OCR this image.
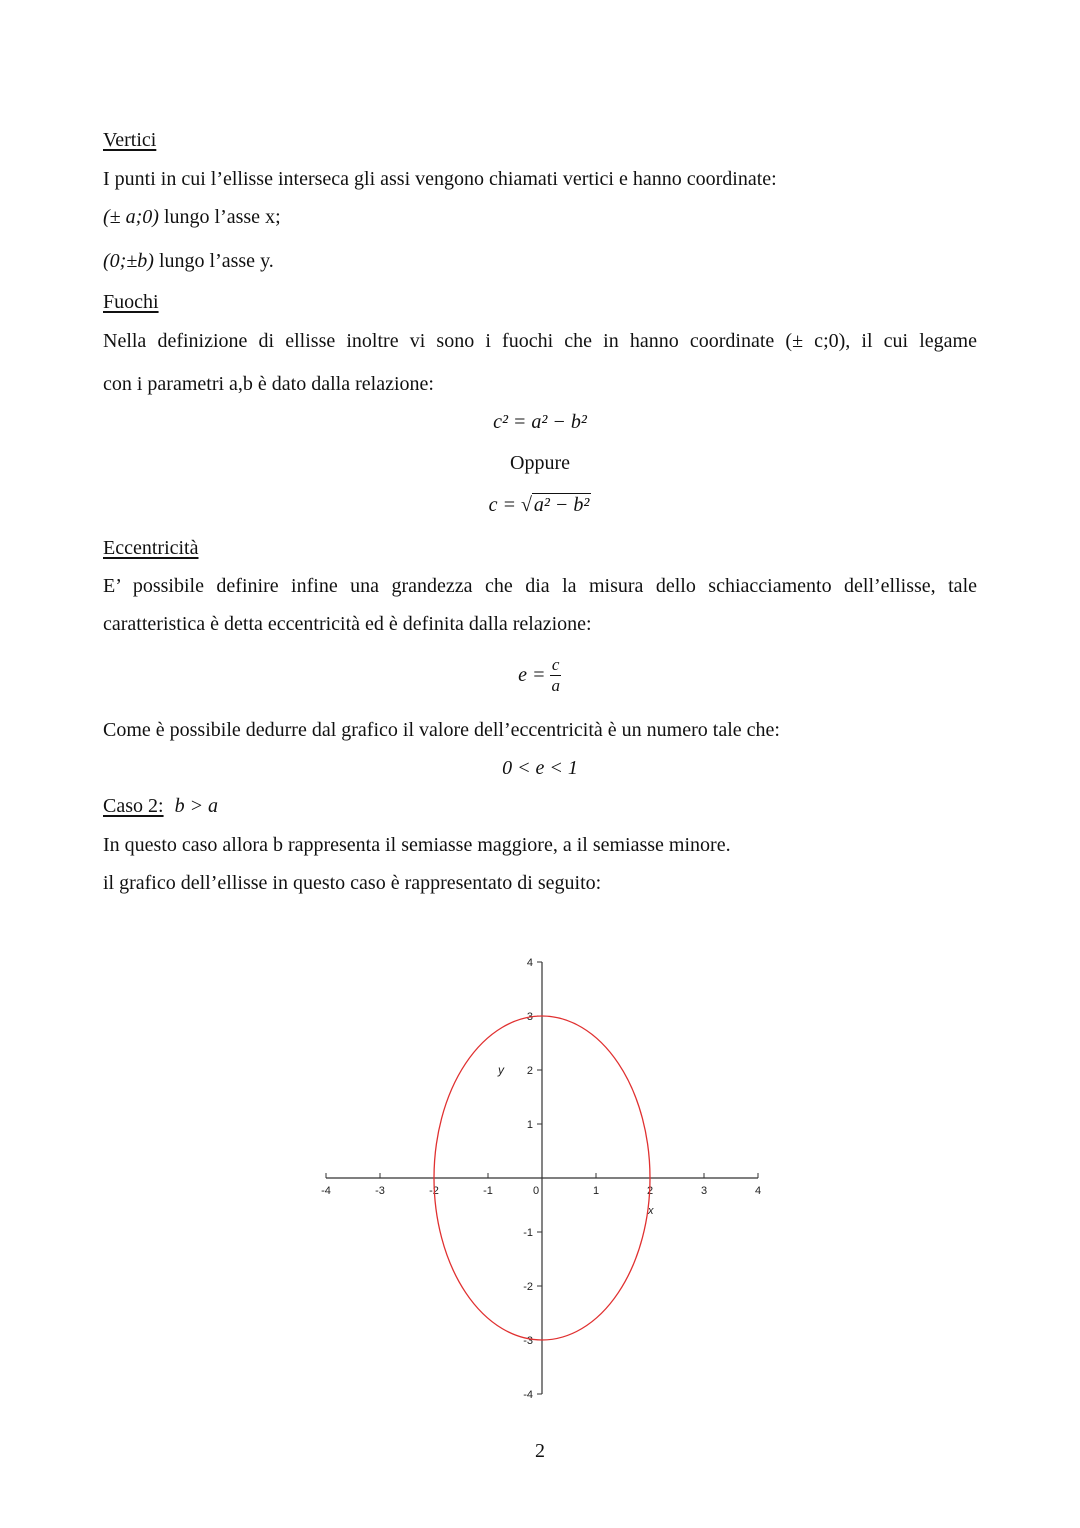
Vertici
I punti in cui l’ellisse interseca gli assi vengono chiamati vertici e hanno coordinate:
(± a;0) lungo l’asse x;
(0;±b) lungo l’asse y.
Fuochi
Nella definizione di ellisse inoltre vi sono i fuochi che in hanno coordinate (± c;0), il cui legame
con i parametri a,b è dato dalla relazione:
c² = a² − b²
Oppure
c = √ a² − b²
Eccentricità
E’ possibile definire infine una grandezza che dia la misura dello schiacciamento dell’ellisse, tale
caratteristica è detta eccentricità ed è definita dalla relazione:
$e = \frac{c}{a}$
Come è possibile dedurre dal grafico il valore dell’eccentricità è un numero tale che:
0 < e < 1
Caso 2: b > a
In questo caso allora b rappresenta il semiasse maggiore, a il semiasse minore.
il grafico dell’ellisse in questo caso è rappresentato di seguito:
-4	-3	-2	-1	0	1	2	3	4
4
3
2
1
-1
-2
-3
-4
y
x
2
